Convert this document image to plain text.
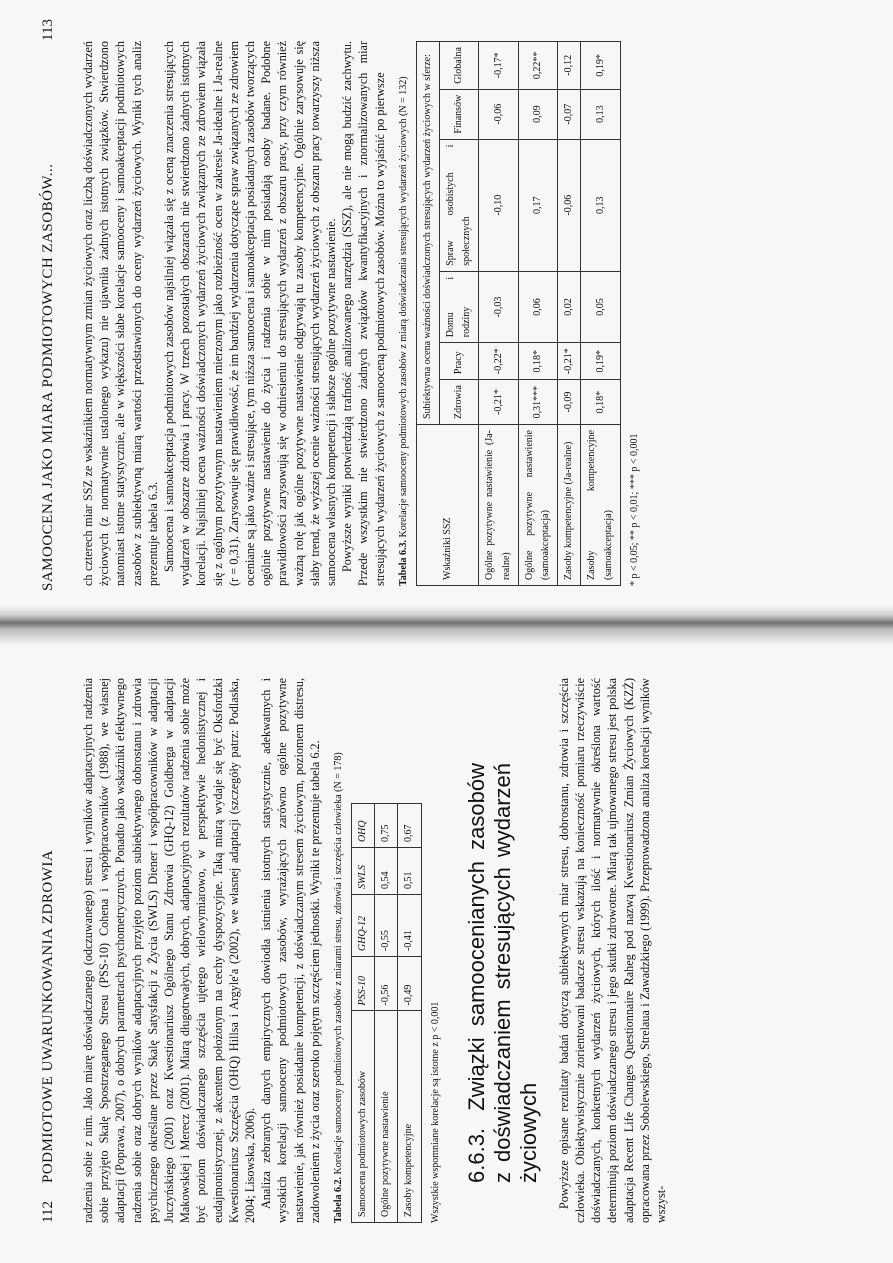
112
PODMIOTOWE UWARUNKOWANIA ZDROWIA radzenia sobie z nim. Jako miarę doświadczanego (odczuwanego) stresu i wyników adaptacyjnych radzenia sobie przyjęto Skalę Spostrzeganego Stresu (PSS-10) Cohena i współpracowników (1988), we własnej adaptacji (Poprawa, 2007), o dobrych parametrach psychometrycznych. Ponadto jako wskaźniki efektywnego radzenia sobie oraz dobrych wyników adaptacyjnych przyjęto poziom subiektywnego dobrostanu i zdrowia psychicznego określane przez Skalę Satysfakcji z Życia (SWLS) Diener i współpracowników w adaptacji Juczyńskiego (2001) oraz Kwestionariusz Ogólnego Stanu Zdrowia (GHQ-12) Goldberga w adaptacji Makowskiej i Merecz (2001). Miarą długotrwałych, dobrych, adaptacyjnych rezultatów radzenia sobie może być poziom doświadczanego szczęścia ujętego wielowymiarowo, w perspektywie hedonistycznej i eudajmonistycznej, z akcentem położonym na cechy dyspozycyjne. Taką miarą wydaje się być Oksfordzki Kwestionariusz Szczęścia (OHQ) Hillsa i Argyle'a (2002), we własnej adaptacji (szczegóły patrz: Podlaska, 2004; Lisowska, 2006). Analiza zebranych danych empirycznych dowiodła istnienia istotnych statystycznie, adekwatnych i wysokich korelacji samooceny podmiotowych zasobów, wyrażających zarówno ogólne pozytywne nastawienie, jak również posiadanie kompetencji, z doświadczanym stresem życiowym, poziomem distresu, zadowoleniem z życia oraz szeroko pojętym szczęściem jednostki. Wyniki te prezentuje tabela 6.2. Tabela 6.2. Korelacje samooceny podmiotowych zasobów z miarami stresu, zdrowia i szczęścia człowieka (N = 178) Samoocena podmiotowych zasobów	PSS-10	GHQ-12	SWLS	OHQ
Ogólne pozytywne nastawienie	-0,56	-0,55	0,54	0,75
Zasoby kompetencyjne	-0,49	-0,41	0,51	0,67
Wszystkie wspomniane korelacje są istotne z p < 0,001 6.6.3. Związki samoocenianych zasobów z doświadczaniem stresujących wydarzeń życiowych Powyższe opisane rezultaty badań dotyczą subiektywnych miar stresu, dobrostanu, zdrowia i szczęścia człowieka. Obiektywistycznie zorientowani badacze stresu wskazują na konieczność pomiaru rzeczywiście doświadczanych, konkretnych wydarzeń życiowych, których ilość i normatywnie określona wartość determinują poziom doświadczanego stresu i jego skutki zdrowotne. Miarą tak ujmowanego stresu jest polska adaptacja Recent Life Changes Questionnaire Raheg pod nazwą Kwestionariusz Zmian Życiowych (KZŻ) opracowana przez Sobolewskiego, Strelaua i Zawadzkiego (1999). Przeprowadzona analiza korelacji wyników wszyst-

SAMOOCENA JAKO MIARA PODMIOTOWYCH ZASOBÓW...
113

ch czterech miar SSZ ze wskaźnikiem normatywnym zmian życiowych oraz liczbą doświadczonych wydarzeń życiowych (z normatywnie ustalonego wykazu) nie ujawniła żadnych istotnych związków. Stwierdzono natomiast istotne statystycznie, ale w większości słabe korelacje samooceny i samoakceptacji podmiotowych zasobów z subiektywną miarą wartości przedstawionych do oceny wydarzeń życiowych. Wyniki tych analiz prezentuje tabela 6.3. Samoocena i samoakceptacja podmiotowych zasobów najsilniej wiązała się z oceną znaczenia stresujących wydarzeń w obszarze zdrowia i pracy. W trzech pozostałych obszarach nie stwierdzono żadnych istotnych korelacji. Najsilniej ocena ważności doświadczonych wydarzeń życiowych związanych ze zdrowiem wiązała się z ogólnym pozytywnym nastawieniem mierzonym jako rozbieżność ocen w zakresie Ja-idealne i Ja-realne (r = 0,31). Zarysowuje się prawidłowość, że im bardziej wydarzenia dotyczące spraw związanych ze zdrowiem oceniane są jako ważne i stresujące, tym niższa samoocena i samoakceptacja posiadanych zasobów tworzących ogólnie pozytywne nastawienie do życia i radzenia sobie w nim posiadają osoby badane. Podobne prawidłowości zarysowują się w odniesieniu do stresujących wydarzeń z obszaru pracy, przy czym również ważną rolę jak ogólne pozytywne nastawienie odgrywają tu zasoby kompetencyjne. Ogólnie zarysowuje się słaby trend, że wyższej ocenie ważności stresujących wydarzeń życiowych z obszaru pracy towarzyszy niższa samoocena własnych kompetencji i słabsze ogólne pozytywne nastawienie. Powyższe wyniki potwierdzają trafność analizowanego narzędzia (SSZ), ale nie mogą budzić zachwytu. Przede wszystkim nie stwierdzono żadnych związków kwantyfikacyjnych i znormalizowanych miar stresujących wydarzeń życiowych z samooceną podmiotowych zasobów. Można to wyjaśnić po pierwsze Tabela 6.3. Korelacje samooceny podmiotowych zasobów z miarą doświadczania stresujących wydarzeń życiowych (N = 132)
Wskaźniki SSZ	Subiektywna ocena ważności doświadczonych stresujących wydarzeń życiowych w sferze:					
	Zdrowia	Pracy	Domu i rodziny	Spraw osobistych i społecznych	Finansów	Globalna
Ogólne pozytywne nastawienie (Ja-realne)	-0,21*	-0,22*	-0,03	-0,10	-0,06	-0,17*
Ogólne pozytywne nastawienie (samoakceptacja)	0,31***	0,18*	0,06	0,17	0,09	0,22**
Zasoby kompetencyjne (Ja-realne)	-0,09	-0,21*	0,02	-0,06	-0,07	-0,12
Zasoby kompetencyjne (samoakceptacja)	0,18*	0,19*	0,05	0,13	0,13	0,19*
* p < 0,05; ** p < 0,01; *** p < 0,001
